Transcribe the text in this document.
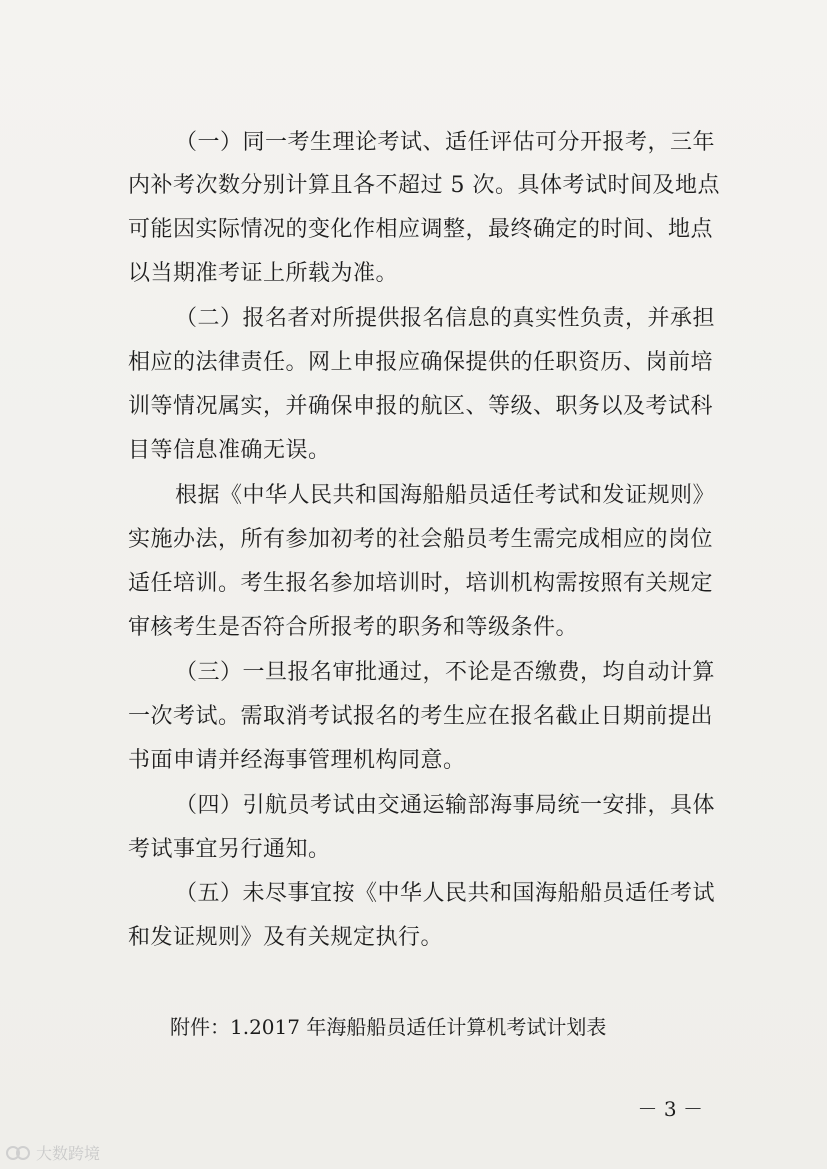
（一）同一考生理论考试、适任评估可分开报考，三年
内补考次数分别计算且各不超过 5 次。具体考试时间及地点
可能因实际情况的变化作相应调整，最终确定的时间、地点
以当期准考证上所载为准。
（二）报名者对所提供报名信息的真实性负责，并承担
相应的法律责任。网上申报应确保提供的任职资历、岗前培
训等情况属实，并确保申报的航区、等级、职务以及考试科
目等信息准确无误。
根据《中华人民共和国海船船员适任考试和发证规则》
实施办法，所有参加初考的社会船员考生需完成相应的岗位
适任培训。考生报名参加培训时，培训机构需按照有关规定
审核考生是否符合所报考的职务和等级条件。
（三）一旦报名审批通过，不论是否缴费，均自动计算
一次考试。需取消考试报名的考生应在报名截止日期前提出
书面申请并经海事管理机构同意。
（四）引航员考试由交通运输部海事局统一安排，具体
考试事宜另行通知。
（五）未尽事宜按《中华人民共和国海船船员适任考试
和发证规则》及有关规定执行。
附件：1.2017 年海船船员适任计算机考试计划表
－ 3 －
大数跨境
